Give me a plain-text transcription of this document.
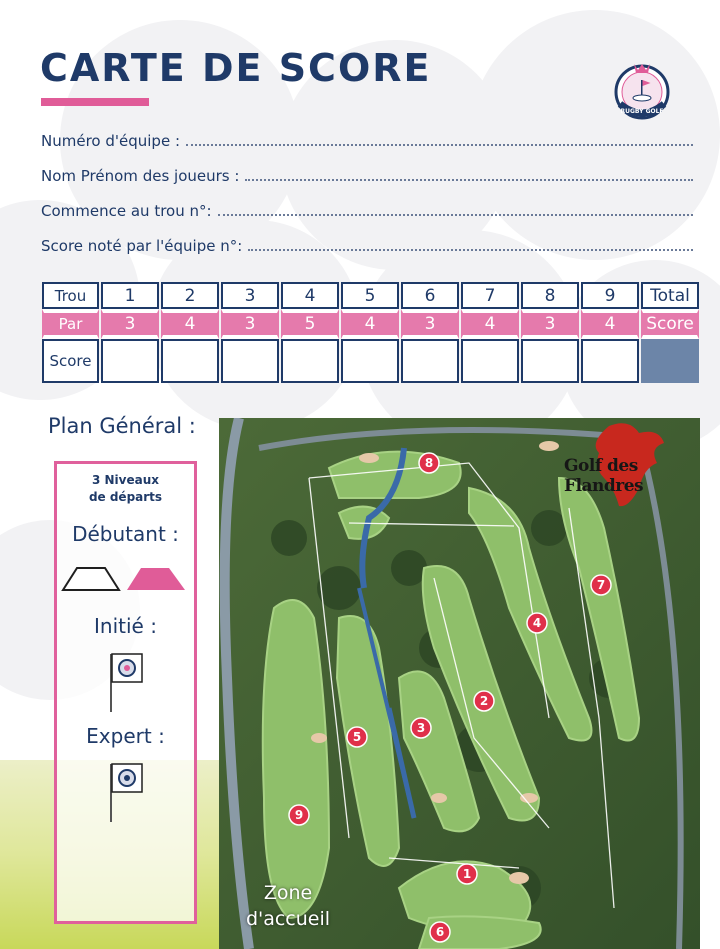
CARTE DE SCORE
RUGBY GOLF
Numéro d'équipe :
Nom Prénom des joueurs :
Commence au trou n°:
Score noté par l'équipe n°:
Trou	1	2	3	4	5	6	7	8	9	Total
Par	3	4	3	5	4	3	4	3	4	Score
Score										
Plan Général :
3 Niveaux
de départs
Débutant :
Initié :
Expert :
1
2
3
4
5
6
7
8
9
Golf des Flandres
Zone
d'accueil
